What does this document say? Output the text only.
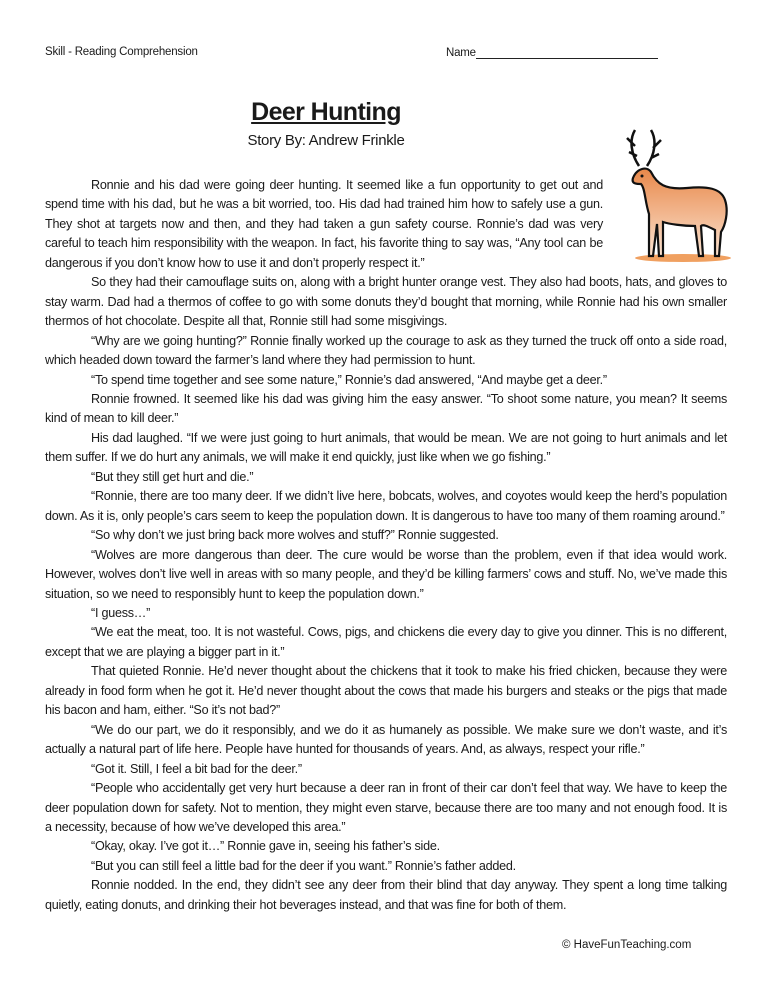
Skill - Reading Comprehension	Name
Deer Hunting
Story By: Andrew Frinkle

Ronnie and his dad were going deer hunting. It seemed like a fun opportunity to get out and spend time with his dad, but he was a bit worried, too. His dad had trained him how to safely use a gun. They shot at targets now and then, and they had taken a gun safety course. Ronnie’s dad was very careful to teach him responsibility with the weapon. In fact, his favorite thing to say was, “Any tool can be dangerous if you don’t know how to use it and don’t properly respect it.”

So they had their camouflage suits on, along with a bright hunter orange vest. They also had boots, hats, and gloves to stay warm. Dad had a thermos of coffee to go with some donuts they’d bought that morning, while Ronnie had his own smaller thermos of hot chocolate. Despite all that, Ronnie still had some misgivings.

“Why are we going hunting?” Ronnie finally worked up the courage to ask as they turned the truck off onto a side road, which headed down toward the farmer’s land where they had permission to hunt.

“To spend time together and see some nature,” Ronnie’s dad answered, “And maybe get a deer.”

Ronnie frowned. It seemed like his dad was giving him the easy answer. “To shoot some nature, you mean? It seems kind of mean to kill deer.”

His dad laughed. “If we were just going to hurt animals, that would be mean. We are not going to hurt animals and let them suffer. If we do hurt any animals, we will make it end quickly, just like when we go fishing.”

“But they still get hurt and die.”

“Ronnie, there are too many deer. If we didn’t live here, bobcats, wolves, and coyotes would keep the herd’s population down. As it is, only people’s cars seem to keep the population down. It is dangerous to have too many of them roaming around.”

“So why don’t we just bring back more wolves and stuff?” Ronnie suggested.

“Wolves are more dangerous than deer. The cure would be worse than the problem, even if that idea would work. However, wolves don’t live well in areas with so many people, and they’d be killing farmers’ cows and stuff. No, we’ve made this situation, so we need to responsibly hunt to keep the population down.”

“I guess…”

“We eat the meat, too. It is not wasteful. Cows, pigs, and chickens die every day to give you dinner. This is no different, except that we are playing a bigger part in it.”

That quieted Ronnie. He’d never thought about the chickens that it took to make his fried chicken, because they were already in food form when he got it. He’d never thought about the cows that made his burgers and steaks or the pigs that made his bacon and ham, either. “So it’s not bad?”

“We do our part, we do it responsibly, and we do it as humanely as possible. We make sure we don’t waste, and it’s actually a natural part of life here. People have hunted for thousands of years. And, as always, respect your rifle.”

“Got it. Still, I feel a bit bad for the deer.”

“People who accidentally get very hurt because a deer ran in front of their car don’t feel that way. We have to keep the deer population down for safety. Not to mention, they might even starve, because there are too many and not enough food. It is a necessity, because of how we’ve developed this area.”

“Okay, okay. I’ve got it…” Ronnie gave in, seeing his father’s side.

“But you can still feel a little bad for the deer if you want.” Ronnie’s father added.

Ronnie nodded. In the end, they didn’t see any deer from their blind that day anyway. They spent a long time talking quietly, eating donuts, and drinking their hot beverages instead, and that was fine for both of them.

© HaveFunTeaching.com
